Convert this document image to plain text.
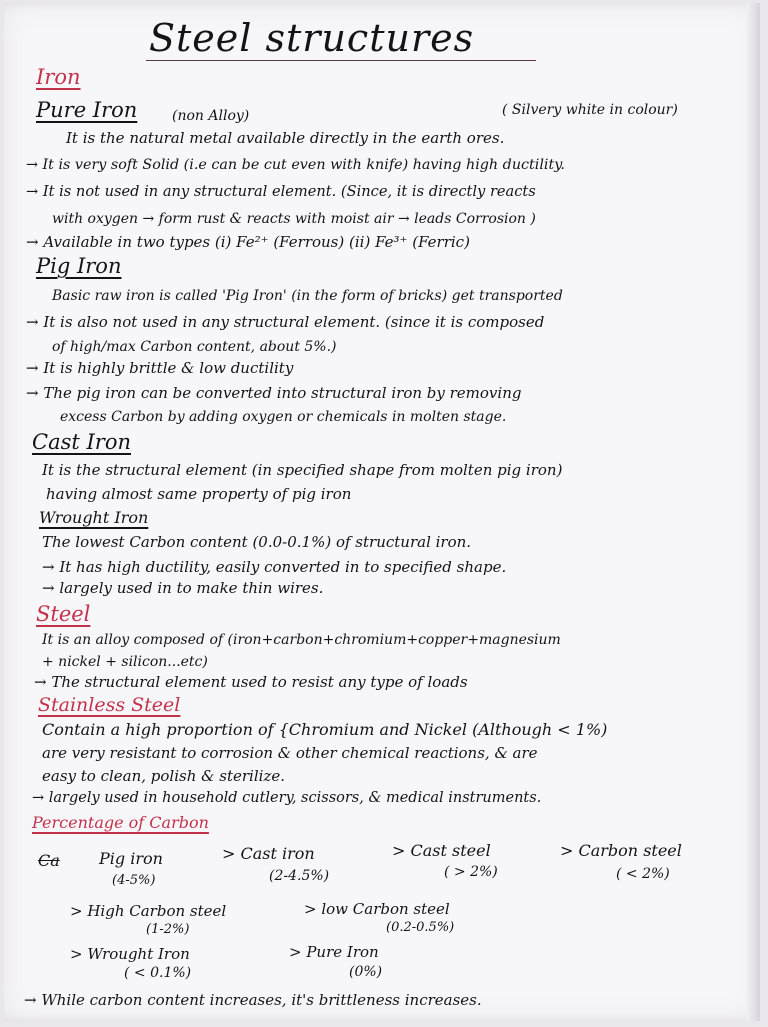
Steel structures
Iron
Pure Iron (non Alloy)	( Silvery white in colour)
It is the natural metal available directly in the earth ores.
→ It is very soft Solid (i.e can be cut even with knife) having high ductility.
→ It is not used in any structural element. (Since, it is directly reacts
with oxygen → form rust & reacts with moist air → leads Corrosion )
→ Available in two types (i) Fe²⁺ (Ferrous) (ii) Fe³⁺ (Ferric)
Pig Iron
Basic raw iron is called 'Pig Iron' (in the form of bricks) get transported
→ It is also not used in any structural element. (since it is composed
of high/max Carbon content, about 5%.)
→ It is highly brittle & low ductility
→ The pig iron can be converted into structural iron by removing
excess Carbon by adding oxygen or chemicals in molten stage.
Cast Iron
It is the structural element (in specified shape from molten pig iron)
having almost same property of pig iron
Wrought Iron
The lowest Carbon content (0.0-0.1%) of structural iron.
→ It has high ductility, easily converted in to specified shape.
→ largely used in to make thin wires.
Steel
It is an alloy composed of (iron+carbon+chromium+copper+magnesium
+ nickel + silicon...etc)
→ The structural element used to resist any type of loads
Stainless Steel
Contain a high proportion of {Chromium and Nickel (Although < 1%)
are very resistant to corrosion & other chemical reactions, & are
easy to clean, polish & sterilize.
→ largely used in household cutlery, scissors, & medical instruments.
Percentage of Carbon
Ca Pig iron
(4-5%)
> Cast iron
(2-4.5%)
> Cast steel
( > 2%)
> Carbon steel
( < 2%)
> High Carbon steel
(1-2%)
> low Carbon steel
(0.2-0.5%)
> Wrought Iron
( < 0.1%)
> Pure Iron
(0%)
→ While carbon content increases, it's brittleness increases.
